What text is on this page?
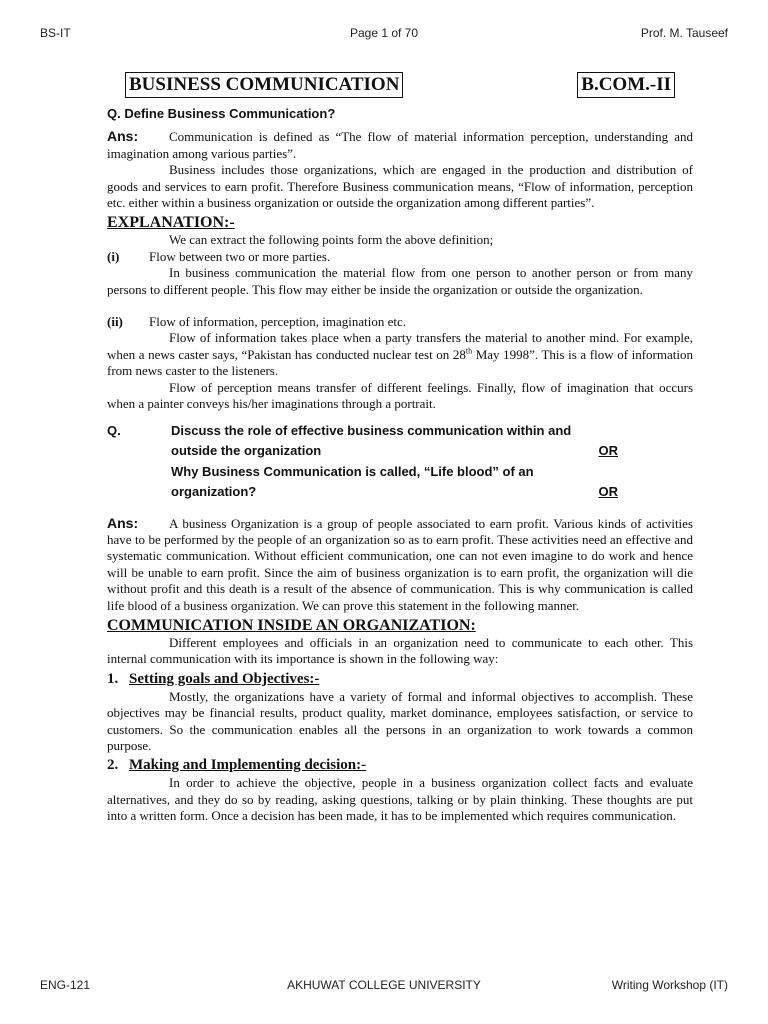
BS-IT	Page 1 of 70	Prof. M. Tauseef
BUSINESS COMMUNICATION	B.COM.-II

Q. Define Business Communication?

Ans: Communication is defined as “The flow of material information perception, understanding and imagination among various parties”.

Business includes those organizations, which are engaged in the production and distribution of goods and services to earn profit. Therefore Business communication means, “Flow of information, perception etc. either within a business organization or outside the organization among different parties”.

EXPLANATION:-

We can extract the following points form the above definition;

(i) Flow between two or more parties.

In business communication the material flow from one person to another person or from many persons to different people. This flow may either be inside the organization or outside the organization.

(ii) Flow of information, perception, imagination etc.

Flow of information takes place when a party transfers the material to another mind. For example, when a news caster says, “Pakistan has conducted nuclear test on 28th May 1998”. This is a flow of information from news caster to the listeners.

Flow of perception means transfer of different feelings. Finally, flow of imagination that occurs when a painter conveys his/her imaginations through a portrait.

Q.	Discuss the role of effective business communication within and
outside the organization	OR
Why Business Communication is called, “Life blood” of an
organization?	OR

Ans: A business Organization is a group of people associated to earn profit. Various kinds of activities have to be performed by the people of an organization so as to earn profit. These activities need an effective and systematic communication. Without efficient communication, one can not even imagine to do work and hence will be unable to earn profit. Since the aim of business organization is to earn profit, the organization will die without profit and this death is a result of the absence of communication. This is why communication is called life blood of a business organization. We can prove this statement in the following manner.

COMMUNICATION INSIDE AN ORGANIZATION:

Different employees and officials in an organization need to communicate to each other. This internal communication with its importance is shown in the following way:

1. Setting goals and Objectives:-

Mostly, the organizations have a variety of formal and informal objectives to accomplish. These objectives may be financial results, product quality, market dominance, employees satisfaction, or service to customers. So the communication enables all the persons in an organization to work towards a common purpose.

2. Making and Implementing decision:-

In order to achieve the objective, people in a business organization collect facts and evaluate alternatives, and they do so by reading, asking questions, talking or by plain thinking. These thoughts are put into a written form. Once a decision has been made, it has to be implemented which requires communication.

ENG-121	AKHUWAT COLLEGE UNIVERSITY	Writing Workshop (IT)
